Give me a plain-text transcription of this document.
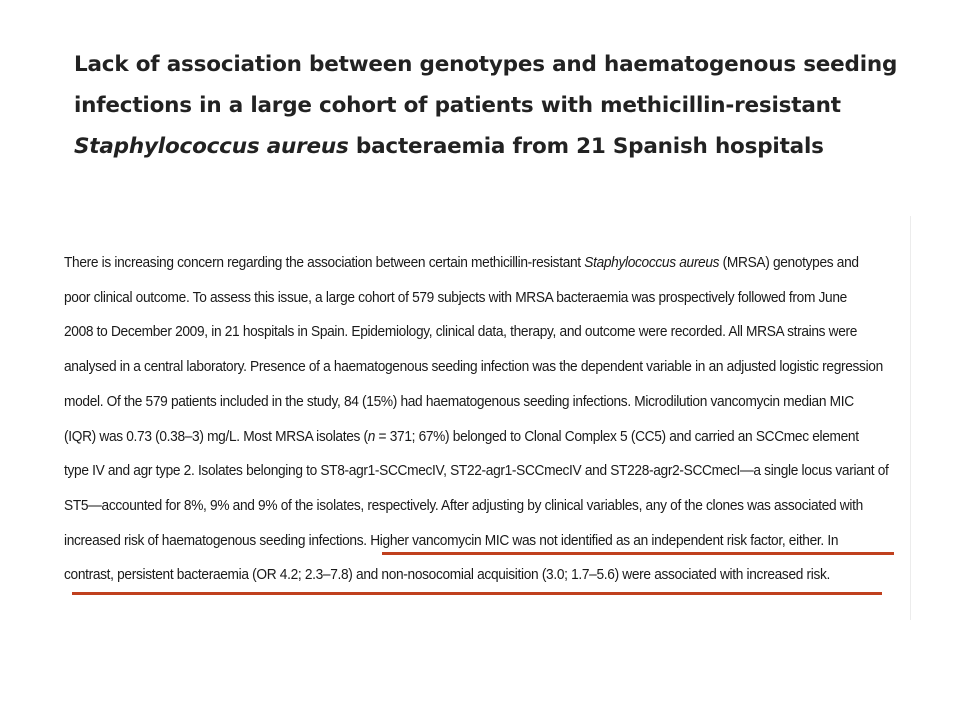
Lack of association between genotypes and haematogenous seeding
infections in a large cohort of patients with methicillin-resistant
Staphylococcus aureus bacteraemia from 21 Spanish hospitals
There is increasing concern regarding the association between certain methicillin-resistant Staphylococcus aureus (MRSA) genotypes and
poor clinical outcome. To assess this issue, a large cohort of 579 subjects with MRSA bacteraemia was prospectively followed from June
2008 to December 2009, in 21 hospitals in Spain. Epidemiology, clinical data, therapy, and outcome were recorded. All MRSA strains were
analysed in a central laboratory. Presence of a haematogenous seeding infection was the dependent variable in an adjusted logistic regression
model. Of the 579 patients included in the study, 84 (15%) had haematogenous seeding infections. Microdilution vancomycin median MIC
(IQR) was 0.73 (0.38–3) mg/L. Most MRSA isolates (n = 371; 67%) belonged to Clonal Complex 5 (CC5) and carried an SCCmec element
type IV and agr type 2. Isolates belonging to ST8-agr1-SCCmecIV, ST22-agr1-SCCmecIV and ST228-agr2-SCCmecI—a single locus variant of
ST5—accounted for 8%, 9% and 9% of the isolates, respectively. After adjusting by clinical variables, any of the clones was associated with
increased risk of haematogenous seeding infections. Higher vancomycin MIC was not identified as an independent risk factor, either. In
contrast, persistent bacteraemia (OR 4.2; 2.3–7.8) and non-nosocomial acquisition (3.0; 1.7–5.6) were associated with increased risk.
